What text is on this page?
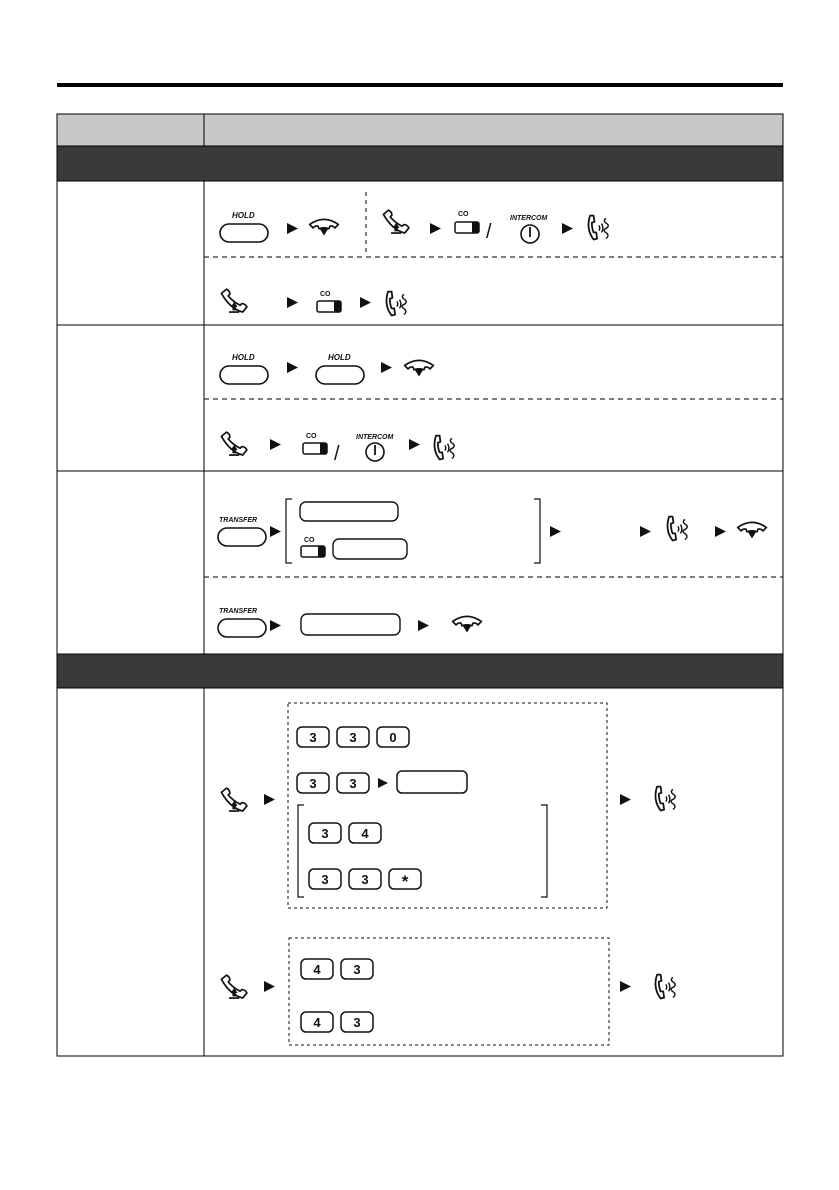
HOLD	CO
/
INTERCOM
CO
HOLD	HOLD
CO
/
INTERCOM
TRANSFER
CO
TRANSFER
3	3	0
3	3
3	4
3	3 *
4	3
4	3
